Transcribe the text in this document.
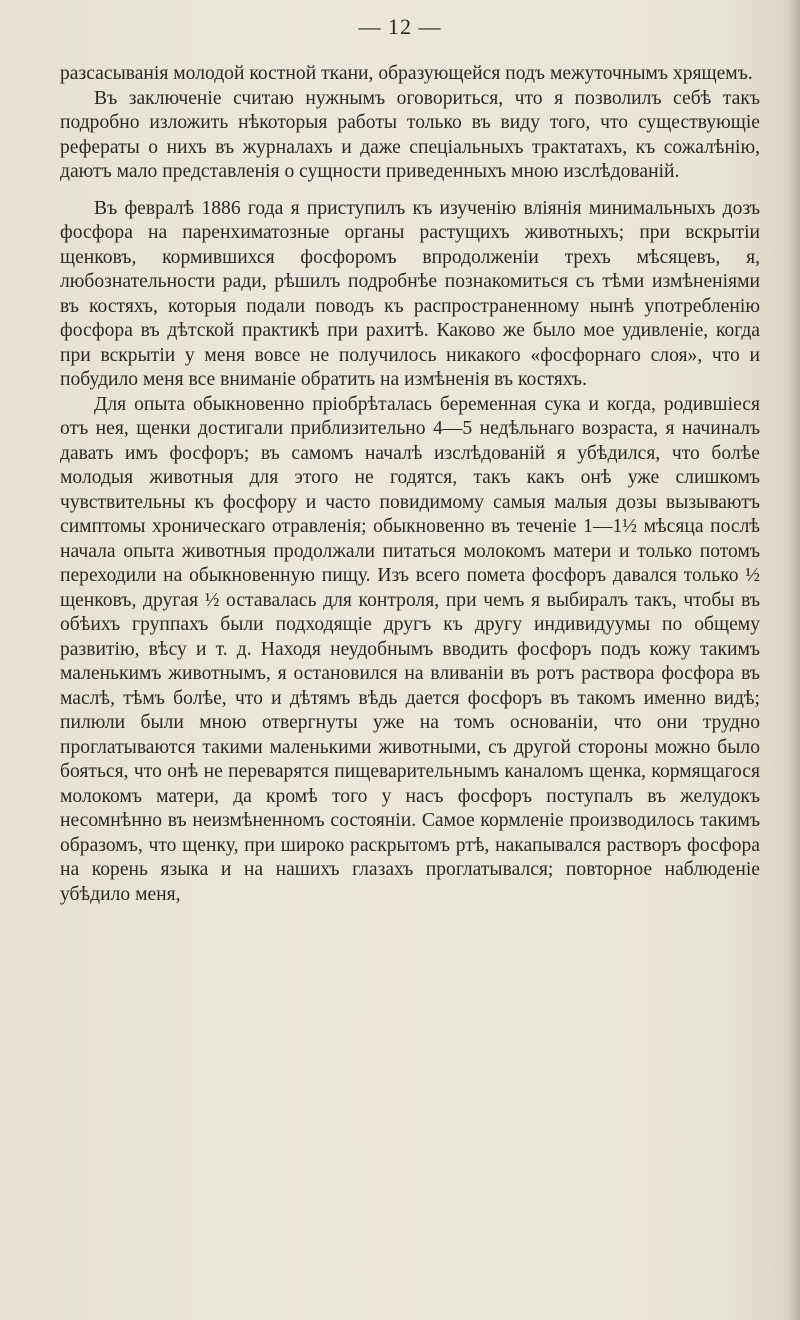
— 12 —

разсасыванія молодой костной ткани, образующейся подъ межуточнымъ хрящемъ.

Въ заключеніе считаю нужнымъ оговориться, что я позволилъ себѣ такъ подробно изложить нѣкоторыя работы только въ виду того, что существующіе рефераты о нихъ въ журналахъ и даже спеціальныхъ трактатахъ, къ сожалѣнію, даютъ мало представленія о сущности приведенныхъ мною изслѣдованій.

Въ февралѣ 1886 года я приступилъ къ изученію вліянія минимальныхъ дозъ фосфора на паренхиматозные органы растущихъ животныхъ; при вскрытіи щенковъ, кормившихся фосфоромъ впродолженіи трехъ мѣсяцевъ, я, любознательности ради, рѣшилъ подробнѣе познакомиться съ тѣми измѣненіями въ костяхъ, которыя подали поводъ къ распространенному нынѣ употребленію фосфора въ дѣтской практикѣ при рахитѣ. Каково же было мое удивленіе, когда при вскрытіи у меня вовсе не получилось никакого «фосфорнаго слоя», что и побудило меня все вниманіе обратить на измѣненія въ костяхъ.

Для опыта обыкновенно пріобрѣталась беременная сука и когда, родившіеся отъ нея, щенки достигали приблизительно 4—5 недѣльнаго возраста, я начиналъ давать имъ фосфоръ; въ самомъ началѣ изслѣдованій я убѣдился, что болѣе молодыя животныя для этого не годятся, такъ какъ онѣ уже слишкомъ чувствительны къ фосфору и часто повидимому самыя малыя дозы вызываютъ симптомы хроническаго отравленія; обыкновенно въ теченіе 1—1½ мѣсяца послѣ начала опыта животныя продолжали питаться молокомъ матери и только потомъ переходили на обыкновенную пищу. Изъ всего помета фосфоръ давался только ½ щенковъ, другая ½ оставалась для контроля, при чемъ я выбиралъ такъ, чтобы въ обѣихъ группахъ были подходящіе другъ къ другу индивидуумы по общему развитію, вѣсу и т. д. Находя неудобнымъ вводить фосфоръ подъ кожу такимъ маленькимъ животнымъ, я остановился на вливаніи въ ротъ раствора фосфора въ маслѣ, тѣмъ болѣе, что и дѣтямъ вѣдь дается фосфоръ въ такомъ именно видѣ; пилюли были мною отвергнуты уже на томъ основаніи, что они трудно проглатываются такими маленькими животными, съ другой стороны можно было бояться, что онѣ не переварятся пищеварительнымъ каналомъ щенка, кормящагося молокомъ матери, да кромѣ того у насъ фосфоръ поступалъ въ желудокъ несомнѣнно въ неизмѣненномъ состояніи. Самое кормленіе производилось такимъ образомъ, что щенку, при широко раскрытомъ ртѣ, накапывался растворъ фосфора на корень языка и на нашихъ глазахъ проглатывался; повторное наблюденіе убѣдило меня,
